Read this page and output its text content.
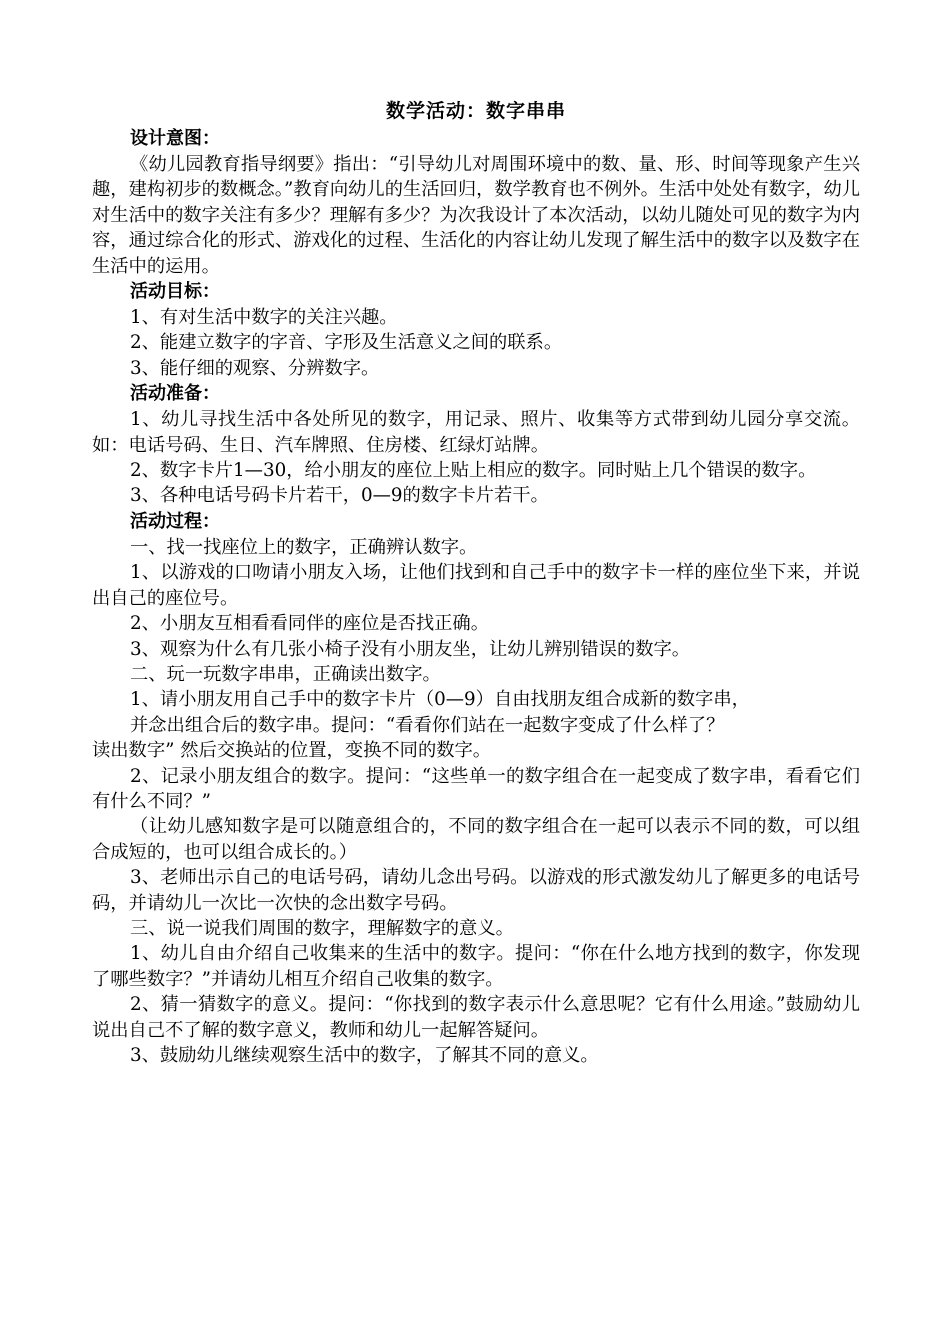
数学活动：数字串串
设计意图：

《幼儿园教育指导纲要》指出：“引导幼儿对周围环境中的数、量、形、时间等现象产生兴趣，建构初步的数概念。”教育向幼儿的生活回归，数学教育也不例外。生活中处处有数字，幼儿对生活中的数字关注有多少？理解有多少？为次我设计了本次活动，以幼儿随处可见的数字为内容，通过综合化的形式、游戏化的过程、生活化的内容让幼儿发现了解生活中的数字以及数字在生活中的运用。

活动目标：

1、有对生活中数字的关注兴趣。

2、能建立数字的字音、字形及生活意义之间的联系。

3、能仔细的观察、分辨数字。

活动准备：

1、幼儿寻找生活中各处所见的数字，用记录、照片、收集等方式带到幼儿园分享交流。如：电话号码、生日、汽车牌照、住房楼、红绿灯站牌。

2、数字卡片1—30，给小朋友的座位上贴上相应的数字。同时贴上几个错误的数字。

3、各种电话号码卡片若干，0—9的数字卡片若干。

活动过程：

一、找一找座位上的数字，正确辨认数字。

1、以游戏的口吻请小朋友入场，让他们找到和自己手中的数字卡一样的座位坐下来，并说出自己的座位号。

2、小朋友互相看看同伴的座位是否找正确。

3、观察为什么有几张小椅子没有小朋友坐，让幼儿辨别错误的数字。

二、玩一玩数字串串，正确读出数字。

1、请小朋友用自己手中的数字卡片（0—9）自由找朋友组合成新的数字串，

并念出组合后的数字串。提问：“看看你们站在一起数字变成了什么样了？

读出数字” 然后交换站的位置，变换不同的数字。

2、记录小朋友组合的数字。提问：“这些单一的数字组合在一起变成了数字串，看看它们有什么不同？”

（让幼儿感知数字是可以随意组合的，不同的数字组合在一起可以表示不同的数，可以组合成短的，也可以组合成长的。）

3、老师出示自己的电话号码，请幼儿念出号码。以游戏的形式激发幼儿了解更多的电话号码，并请幼儿一次比一次快的念出数字号码。

三、说一说我们周围的数字，理解数字的意义。

1、幼儿自由介绍自己收集来的生活中的数字。提问：“你在什么地方找到的数字，你发现了哪些数字？”并请幼儿相互介绍自己收集的数字。

2、猜一猜数字的意义。提问：“你找到的数字表示什么意思呢？它有什么用途。”鼓励幼儿说出自己不了解的数字意义，教师和幼儿一起解答疑问。

3、鼓励幼儿继续观察生活中的数字，了解其不同的意义。
